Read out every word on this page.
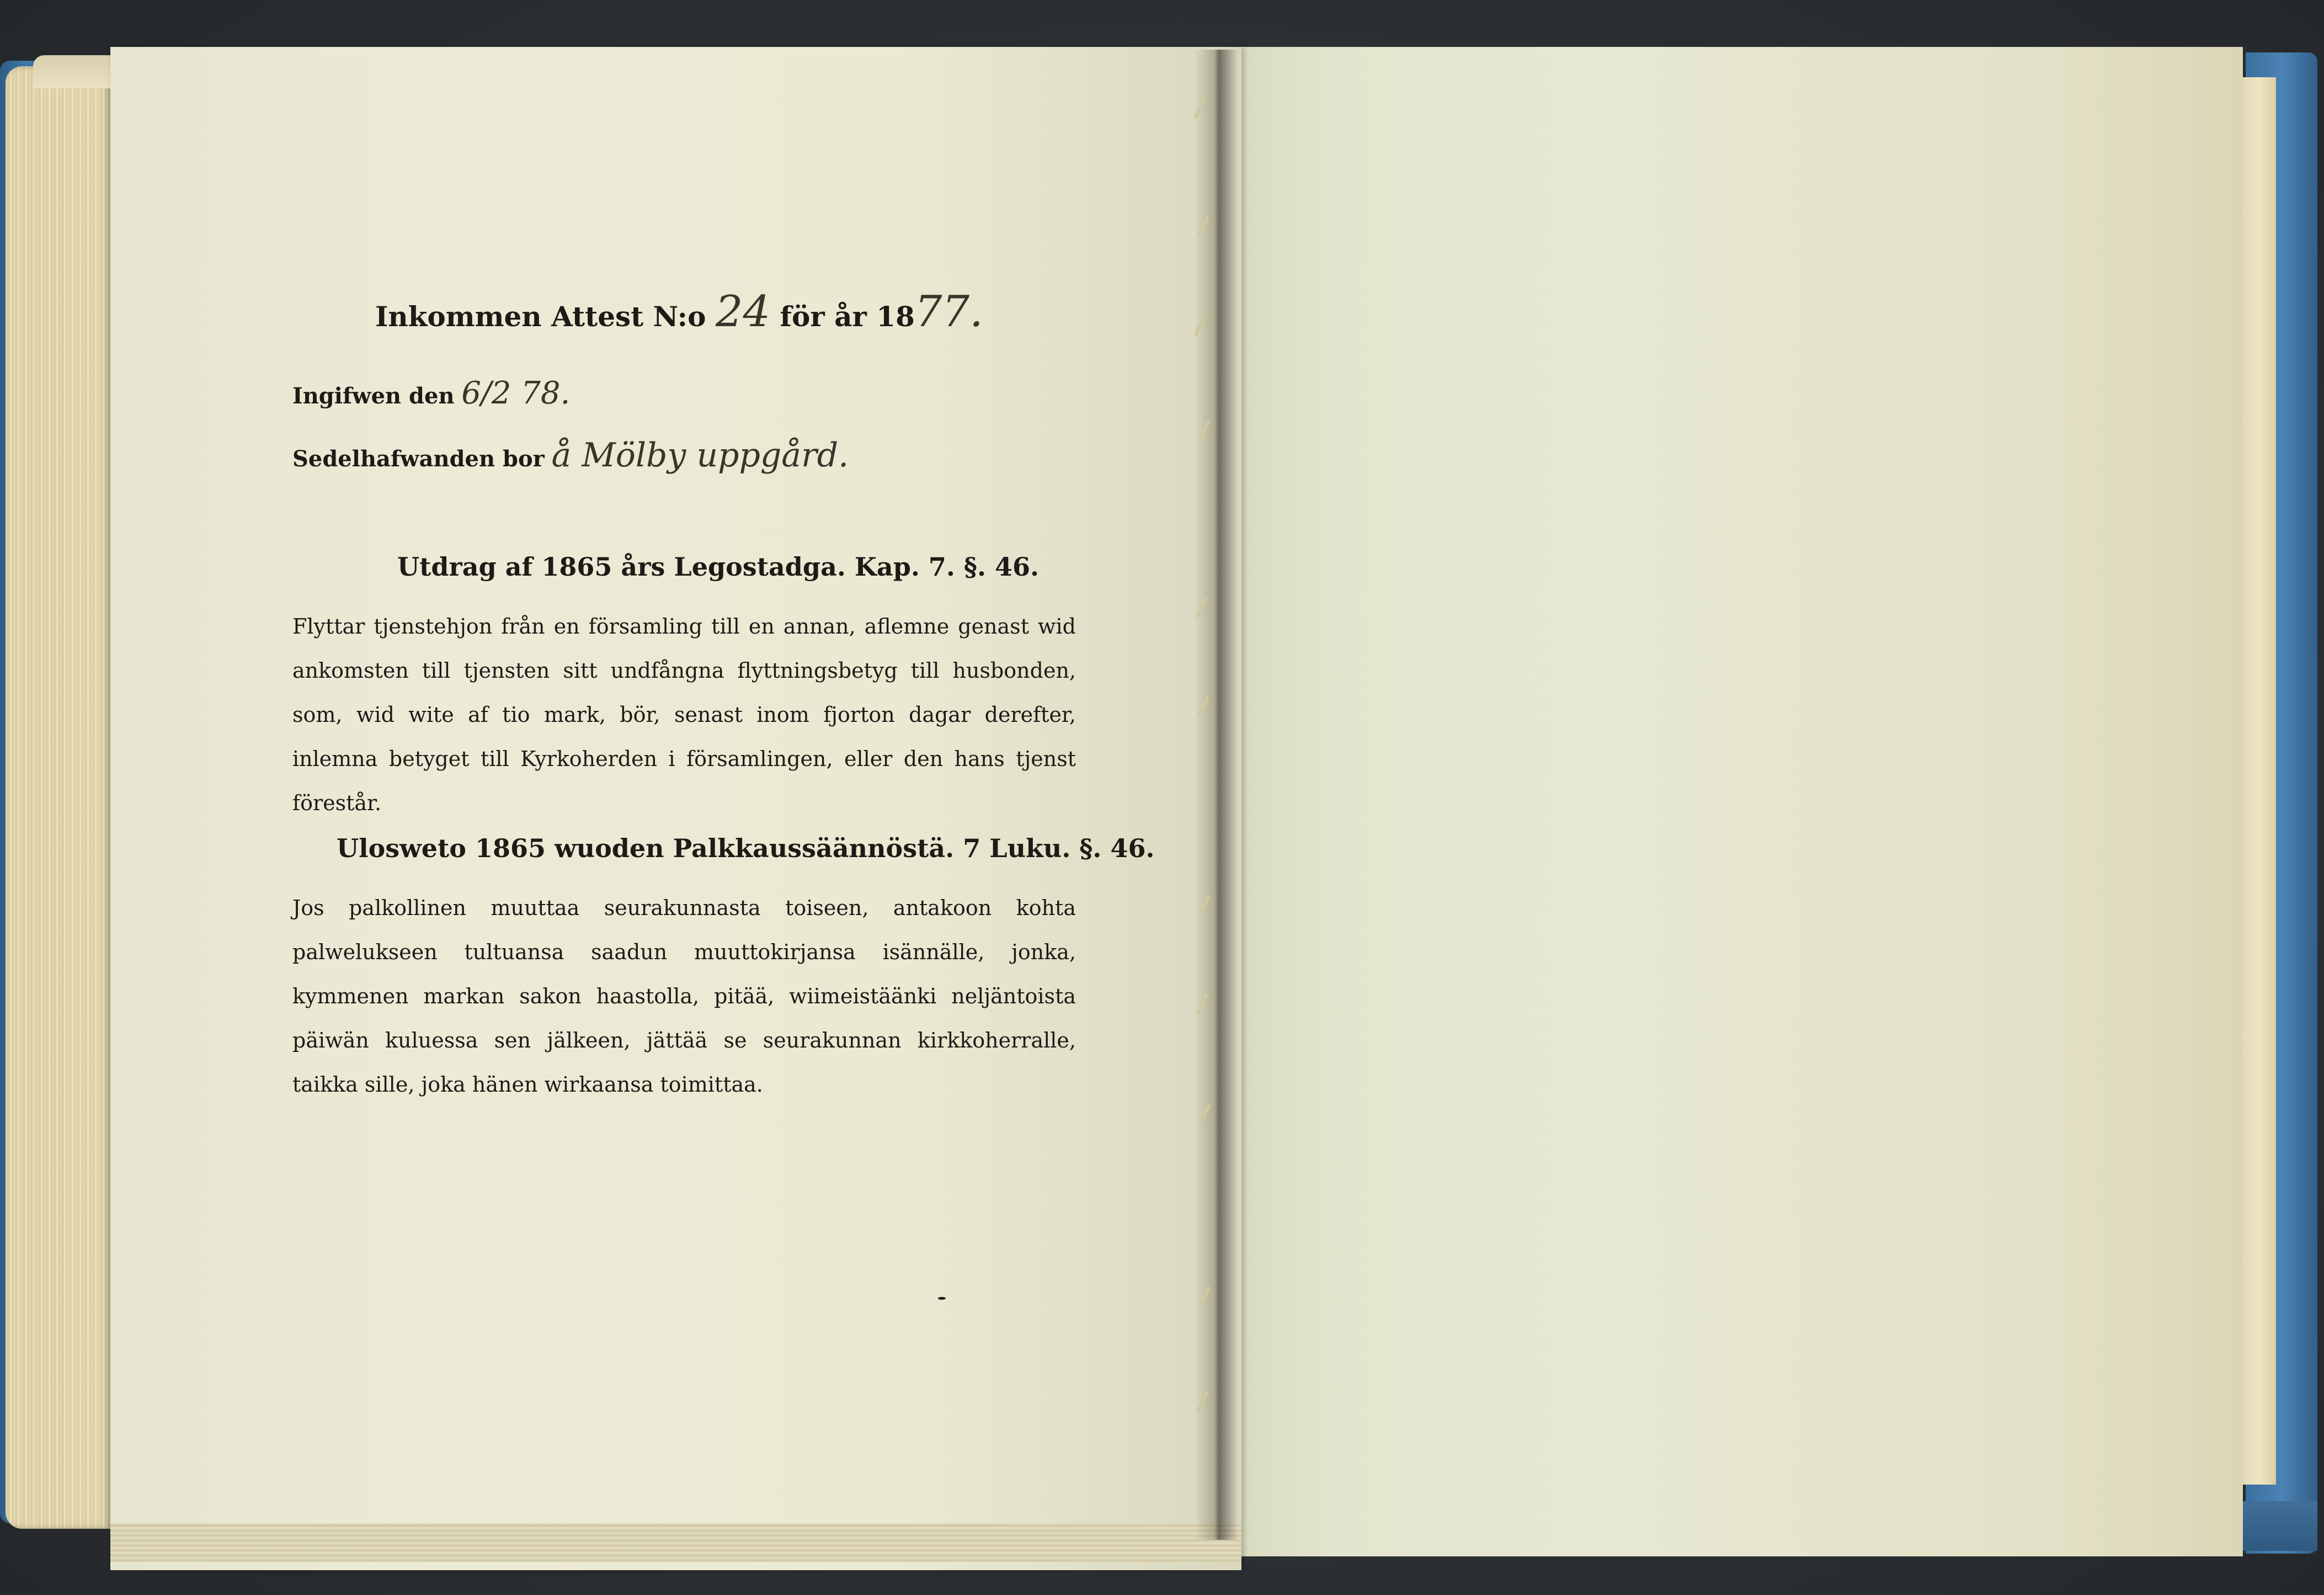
Inkommen Attest N:o 24 för år 1877.
Ingifwen den 6/2 78.
Sedelhafwanden bor å Mölby uppgård.
Utdrag af 1865 års Legostadga. Kap. 7. §. 46.
Flyttar tjenstehjon från en församling till en annan, aflemne genast wid ankomsten till tjensten sitt undfångna flyttningsbetyg till husbonden, som, wid wite af tio mark, bör, senast inom fjorton dagar derefter, inlemna betyget till Kyrkoherden i församlingen, eller den hans tjenst förestår.
Ulosweto 1865 wuoden Palkkaussäännöstä. 7 Luku. §. 46.
Jos palkollinen muuttaa seurakunnasta toiseen, antakoon kohta palwelukseen tultuansa saadun muuttokirjansa isännälle, jonka, kymmenen markan sakon haastolla, pitää, wiimeistäänki neljäntoista päiwän kuluessa sen jälkeen, jättää se seurakunnan kirkkoherralle, taikka sille, joka hänen wirkaansa toimittaa.
